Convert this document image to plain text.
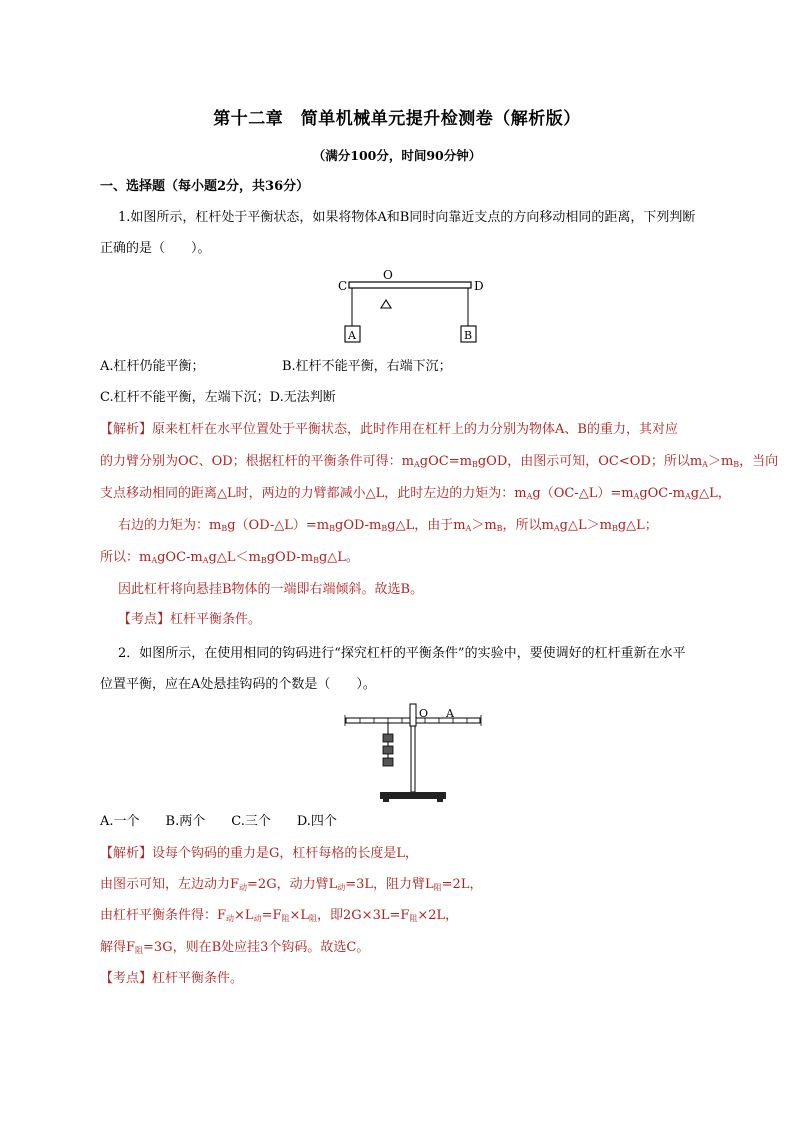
第十二章　简单机械单元提升检测卷（解析版）
（满分100分，时间90分钟）
一、选择题（每小题2分，共36分）
1.如图所示，杠杆处于平衡状态，如果将物体A和B同时向靠近支点的方向移动相同的距离，下列判断
正确的是（　　）。
C
O
D
A	B
A.杠杆仍能平衡；	B.杠杆不能平衡，右端下沉；
C.杠杆不能平衡，左端下沉；D.无法判断
【解析】原来杠杆在水平位置处于平衡状态，此时作用在杠杆上的力分别为物体A、B的重力，其对应
的力臂分别为OC、OD；根据杠杆的平衡条件可得：$m_AgOC=m_BgOD$，由图示可知，OC<OD；所以$m_A>m_B$，当向
支点移动相同的距离△L时，两边的力臂都减小△L，此时左边的力矩为：$m_Ag(OC-\triangle L)=m_AgOC-m_Ag\triangle L$，
右边的力矩为：$m_Bg(OD-\triangle L)=m_BgOD-m_Bg\triangle L$，由于$m_A>m_B$，所以$m_Ag\triangle L>m_Bg\triangle L$；
所以：$m_AgOC-m_Ag\triangle L<m_BgOD-m_Bg\triangle L$。
因此杠杆将向悬挂B物体的一端即右端倾斜。故选B。
【考点】杠杆平衡条件。
2．如图所示，在使用相同的钩码进行“探究杠杆的平衡条件”的实验中，要使调好的杠杆重新在水平
位置平衡，应在A处悬挂钩码的个数是（　　）。
O A
A.一个　　B.两个　　C.三个　　D.四个
【解析】设每个钩码的重力是G，杠杆每格的长度是L，
由图示可知，左边动力$F_动=2G$，动力臂$L_动=3L$，阻力臂$L_阻=2L$，
由杠杆平衡条件得：$F_动\times L_动=F_阻\times L_阻$，即$2G\times 3L=F_阻\times 2L$，
解得$F_阻=3G$，则在B处应挂3个钩码。故选C。
【考点】杠杆平衡条件。
